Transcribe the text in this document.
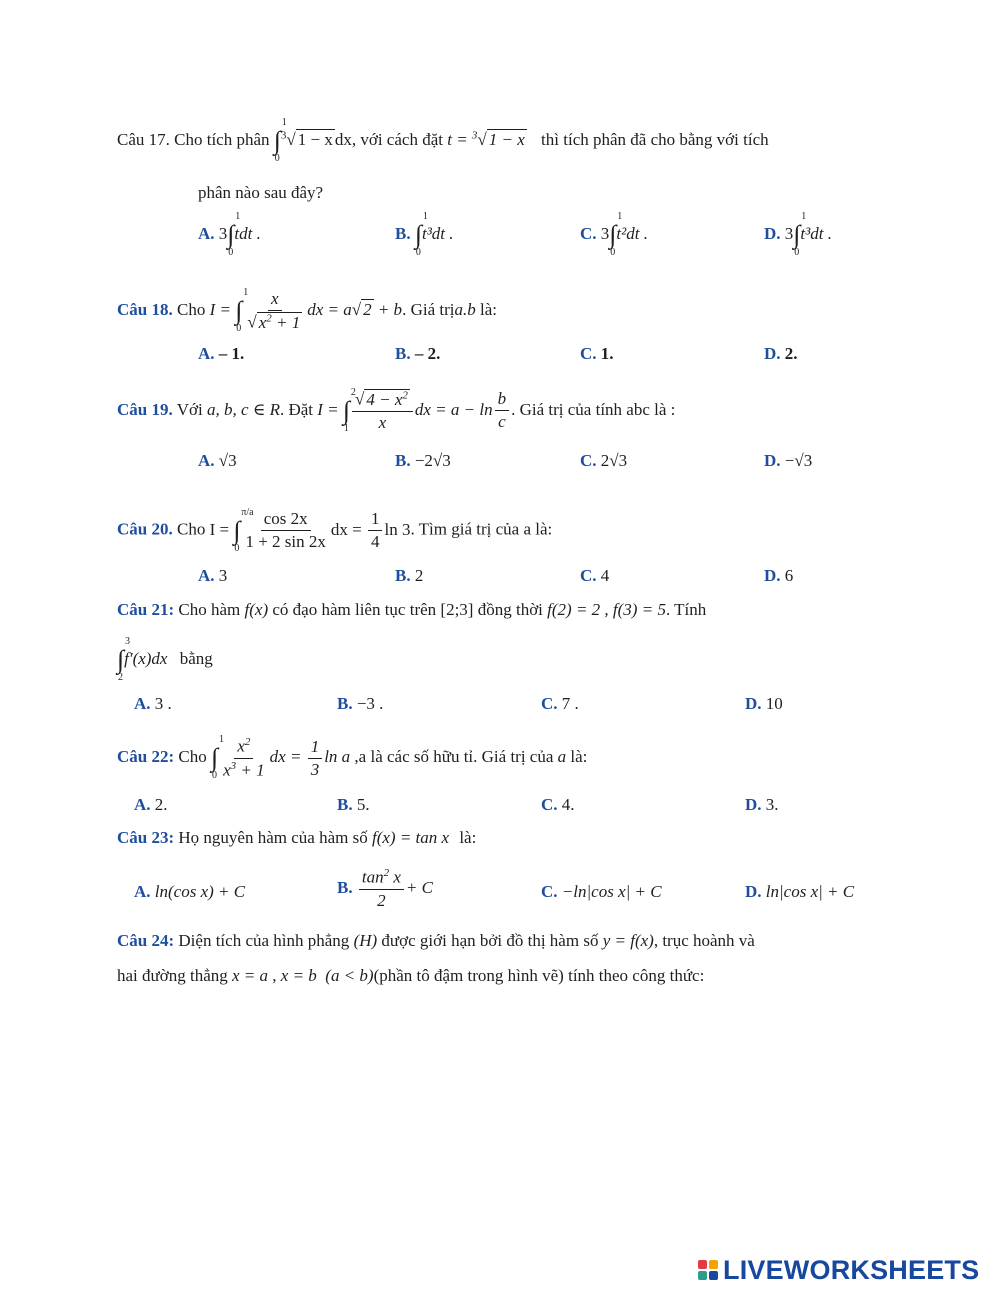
Câu 17. Cho tích phân ∫
1
0
$^3$√ 1 − x dx, với cách đặt t = $^3$√ 1 − x thì tích phân đã cho bằng với tích
phân nào sau đây?
A. 3∫
1
0
tdt .	B. ∫
1
0
t³dt .	C. 3∫
1
0
t²dt .	D. 3∫
1
0
t³dt .
Câu 18. Cho I = ∫
1
$0 \frac{x}{√ x^2 + 1}$ dx = a√ 2 + b. Giá trịa.b là:
A. – 1.	B. – 2.	C. 1.	D. 2.
Câu 19. Với a, b, c ∈ R. Đặt I = ∫
2
$1 \frac{√ 4 - x^2}{x}$ dx = $a - \ln \frac{b}{c}$ . Giá trị của tính abc là :
A. √3	B. −2√3	C. 2√3	D. −√3
Câu 20. Cho I = ∫
π/a
$0 \frac{\cos 2x}{1 + 2 \sin 2x}$ dx = $\frac{1}{4}$ ln 3. Tìm giá trị của a là:
A. 3	B. 2	C. 4	D. 6
Câu 21: Cho hàm f(x) có đạo hàm liên tục trên [2;3] đồng thời f(2) = 2 , f(3) = 5. Tính
∫
3
2
f′(x)dx bằng
A. 3 .	B. −3 .	C. 7 .	D. 10
Câu 22: Cho ∫
1
$0 \frac{x^2}{x^3 + 1}$ dx = $\frac{1}{3}$ ln a ,a là các số hữu tỉ. Giá trị của a là:
A. 2.	B. 5.	C. 4.	D. 3.
Câu 23: Họ nguyên hàm của hàm số f(x) = tan x là:
A. ln(cos x) + C	B. $\frac{\tan^2 x}{2} + C$	C. −ln|cos x| + C	D. ln|cos x| + C
Câu 24: Diện tích của hình phẳng (H) được giới hạn bởi đồ thị hàm số y = f(x), trục hoành và
hai đường thẳng x = a , x = b  (a < b)(phần tô đậm trong hình vẽ) tính theo công thức:
LIVEWORKSHEETS
